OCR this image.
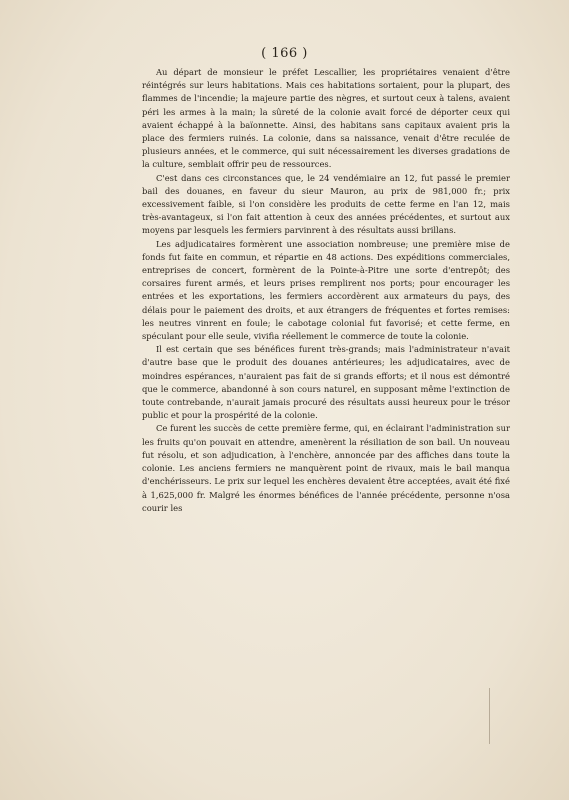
( 166 )

Au départ de monsieur le préfet Lescallier, les propriétaires venaient d'être réintégrés sur leurs habitations. Mais ces habitations sortaient, pour la plupart, des flammes de l'incendie; la majeure partie des nègres, et surtout ceux à talens, avaient péri les armes à la main; la sûreté de la colonie avait forcé de déporter ceux qui avaient échappé à la baïonnette. Ainsi, des habitans sans capitaux avaient pris la place des fermiers ruinés. La colonie, dans sa naissance, venait d'être reculée de plusieurs années, et le commerce, qui suit nécessairement les diverses gradations de la culture, semblait offrir peu de ressources.

C'est dans ces circonstances que, le 24 vendémiaire an 12, fut passé le premier bail des douanes, en faveur du sieur Mauron, au prix de 981,000 fr.; prix excessivement faible, si l'on considère les produits de cette ferme en l'an 12, mais très-avantageux, si l'on fait attention à ceux des années précédentes, et surtout aux moyens par lesquels les fermiers parvinrent à des résultats aussi brillans.

Les adjudicataires formèrent une association nombreuse; une première mise de fonds fut faite en commun, et répartie en 48 actions. Des expéditions commerciales, entreprises de concert, formèrent de la Pointe-à-Pitre une sorte d'entrepôt; des corsaires furent armés, et leurs prises remplirent nos ports; pour encourager les entrées et les exportations, les fermiers accordèrent aux armateurs du pays, des délais pour le paiement des droits, et aux étrangers de fréquentes et fortes remises: les neutres vinrent en foule; le cabotage colonial fut favorisé; et cette ferme, en spéculant pour elle seule, vivifia réellement le commerce de toute la colonie.

Il est certain que ses bénéfices furent très-grands; mais l'administrateur n'avait d'autre base que le produit des douanes antérieures; les adjudicataires, avec de moindres espérances, n'auraient pas fait de si grands efforts; et il nous est démontré que le commerce, abandonné à son cours naturel, en supposant même l'extinction de toute contrebande, n'aurait jamais procuré des résultats aussi heureux pour le trésor public et pour la prospérité de la colonie.

Ce furent les succès de cette première ferme, qui, en éclairant l'administration sur les fruits qu'on pouvait en attendre, amenèrent la résiliation de son bail. Un nouveau fut résolu, et son adjudication, à l'enchère, annoncée par des affiches dans toute la colonie. Les anciens fermiers ne manquèrent point de rivaux, mais le bail manqua d'enchérisseurs. Le prix sur lequel les enchères devaient être acceptées, avait été fixé à 1,625,000 fr. Malgré les énormes bénéfices de l'année précédente, personne n'osa courir les
